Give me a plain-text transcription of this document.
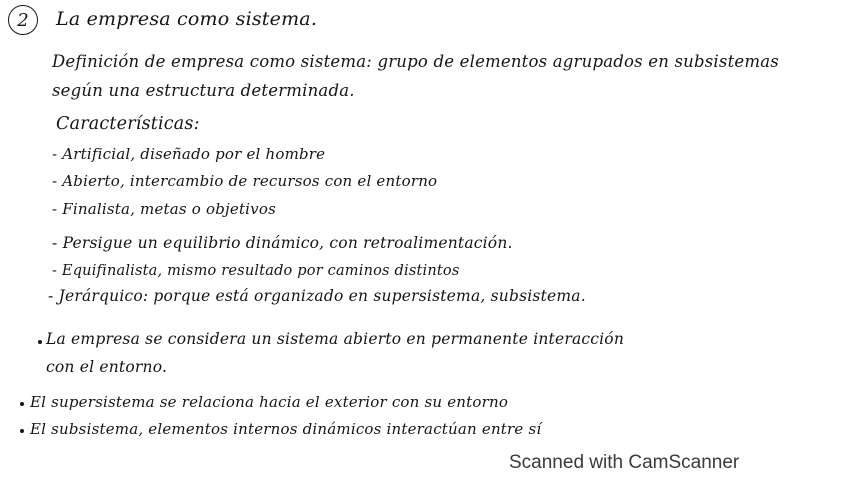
2	La empresa como sistema.
Definición de empresa como sistema: grupo de elementos agrupados en subsistemas
según una estructura determinada.
Características:
- Artificial, diseñado por el hombre
- Abierto, intercambio de recursos con el entorno
- Finalista, metas o objetivos
- Persigue un equilibrio dinámico, con retroalimentación.
- Equifinalista, mismo resultado por caminos distintos
- Jerárquico: porque está organizado en supersistema, subsistema.
La empresa se considera un sistema abierto en permanente interacción
con el entorno.
El supersistema se relaciona hacia el exterior con su entorno
El subsistema, elementos internos dinámicos interactúan entre sí
Scanned with CamScanner
